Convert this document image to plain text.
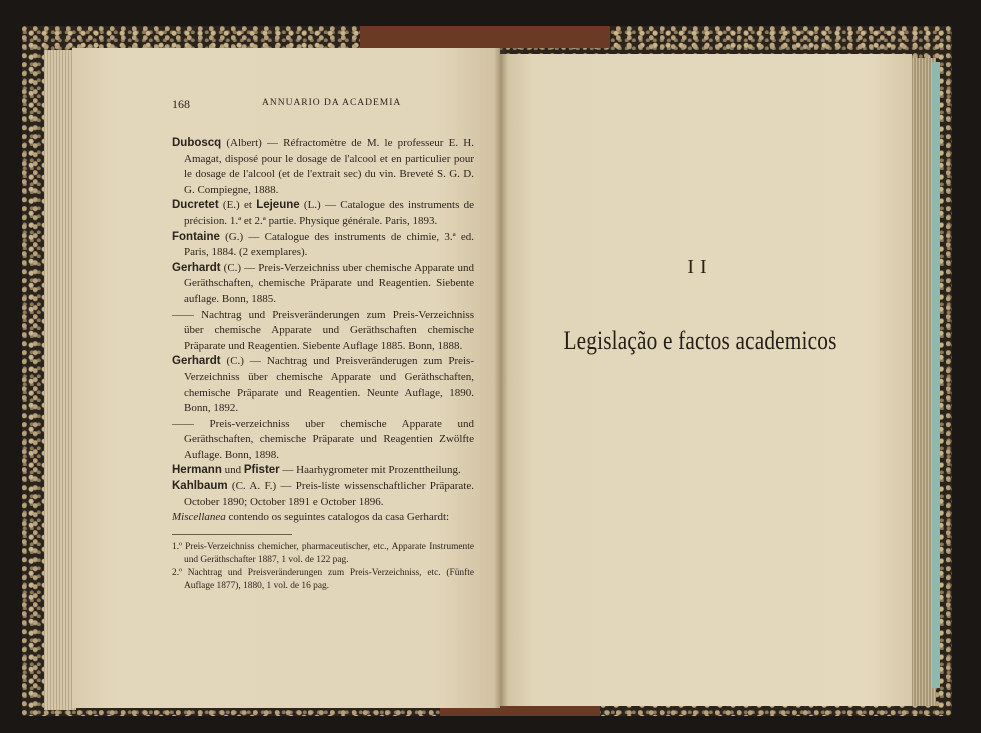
168	ANNUARIO DA ACADEMIA

Duboscq (Albert) — Réfractomètre de M. le professeur E. H. Amagat, disposé pour le dosage de l'alcool et en particulier pour le dosage de l'alcool (et de l'extrait sec) du vin. Breveté S. G. D. G. Compiegne, 1888.

Ducretet (E.) et Lejeune (L.) — Catalogue des instruments de précision. 1.ª et 2.ª partie. Physique générale. Paris, 1893.

Fontaine (G.) — Catalogue des instruments de chimie, 3.ª ed. Paris, 1884. (2 exemplares).

Gerhardt (C.) — Preis-Verzeichniss uber chemische Apparate und Geräthschaften, chemische Präparate und Reagentien. Siebente auflage. Bonn, 1885.

—— Nachtrag und Preisveränderungen zum Preis-Verzeichniss über chemische Apparate und Geräthschaften chemische Präparate und Reagentien. Siebente Auflage 1885. Bonn, 1888.

Gerhardt (C.) — Nachtrag und Preisveränderugen zum Preis-Verzeichniss über chemische Apparate und Geräthschaften, chemische Präparate und Reagentien. Neunte Auflage, 1890. Bonn, 1892.

—— Preis-verzeichniss uber chemische Apparate und Geräthschaften, chemische Präparate und Reagentien Zwölfte Auflage. Bonn, 1898.

Hermann und Pfister — Haarhygrometer mit Prozenttheilung.

Kahlbaum (C. A. F.) — Preis-liste wissenschaftlicher Präparate. October 1890; October 1891 e October 1896.

Miscellanea contendo os seguintes catalogos da casa Gerhardt:

1.º Preis-Verzeichniss chemicher, pharmaceutischer, etc., Apparate Instrumente und Geräthschafter 1887, 1 vol. de 122 pag.

2.º Nachtrag und Preisveränderungen zum Preis-Verzeichniss, etc. (Fünfte Auflage 1877), 1880, 1 vol. de 16 pag.

II
Legislação e factos academicos
